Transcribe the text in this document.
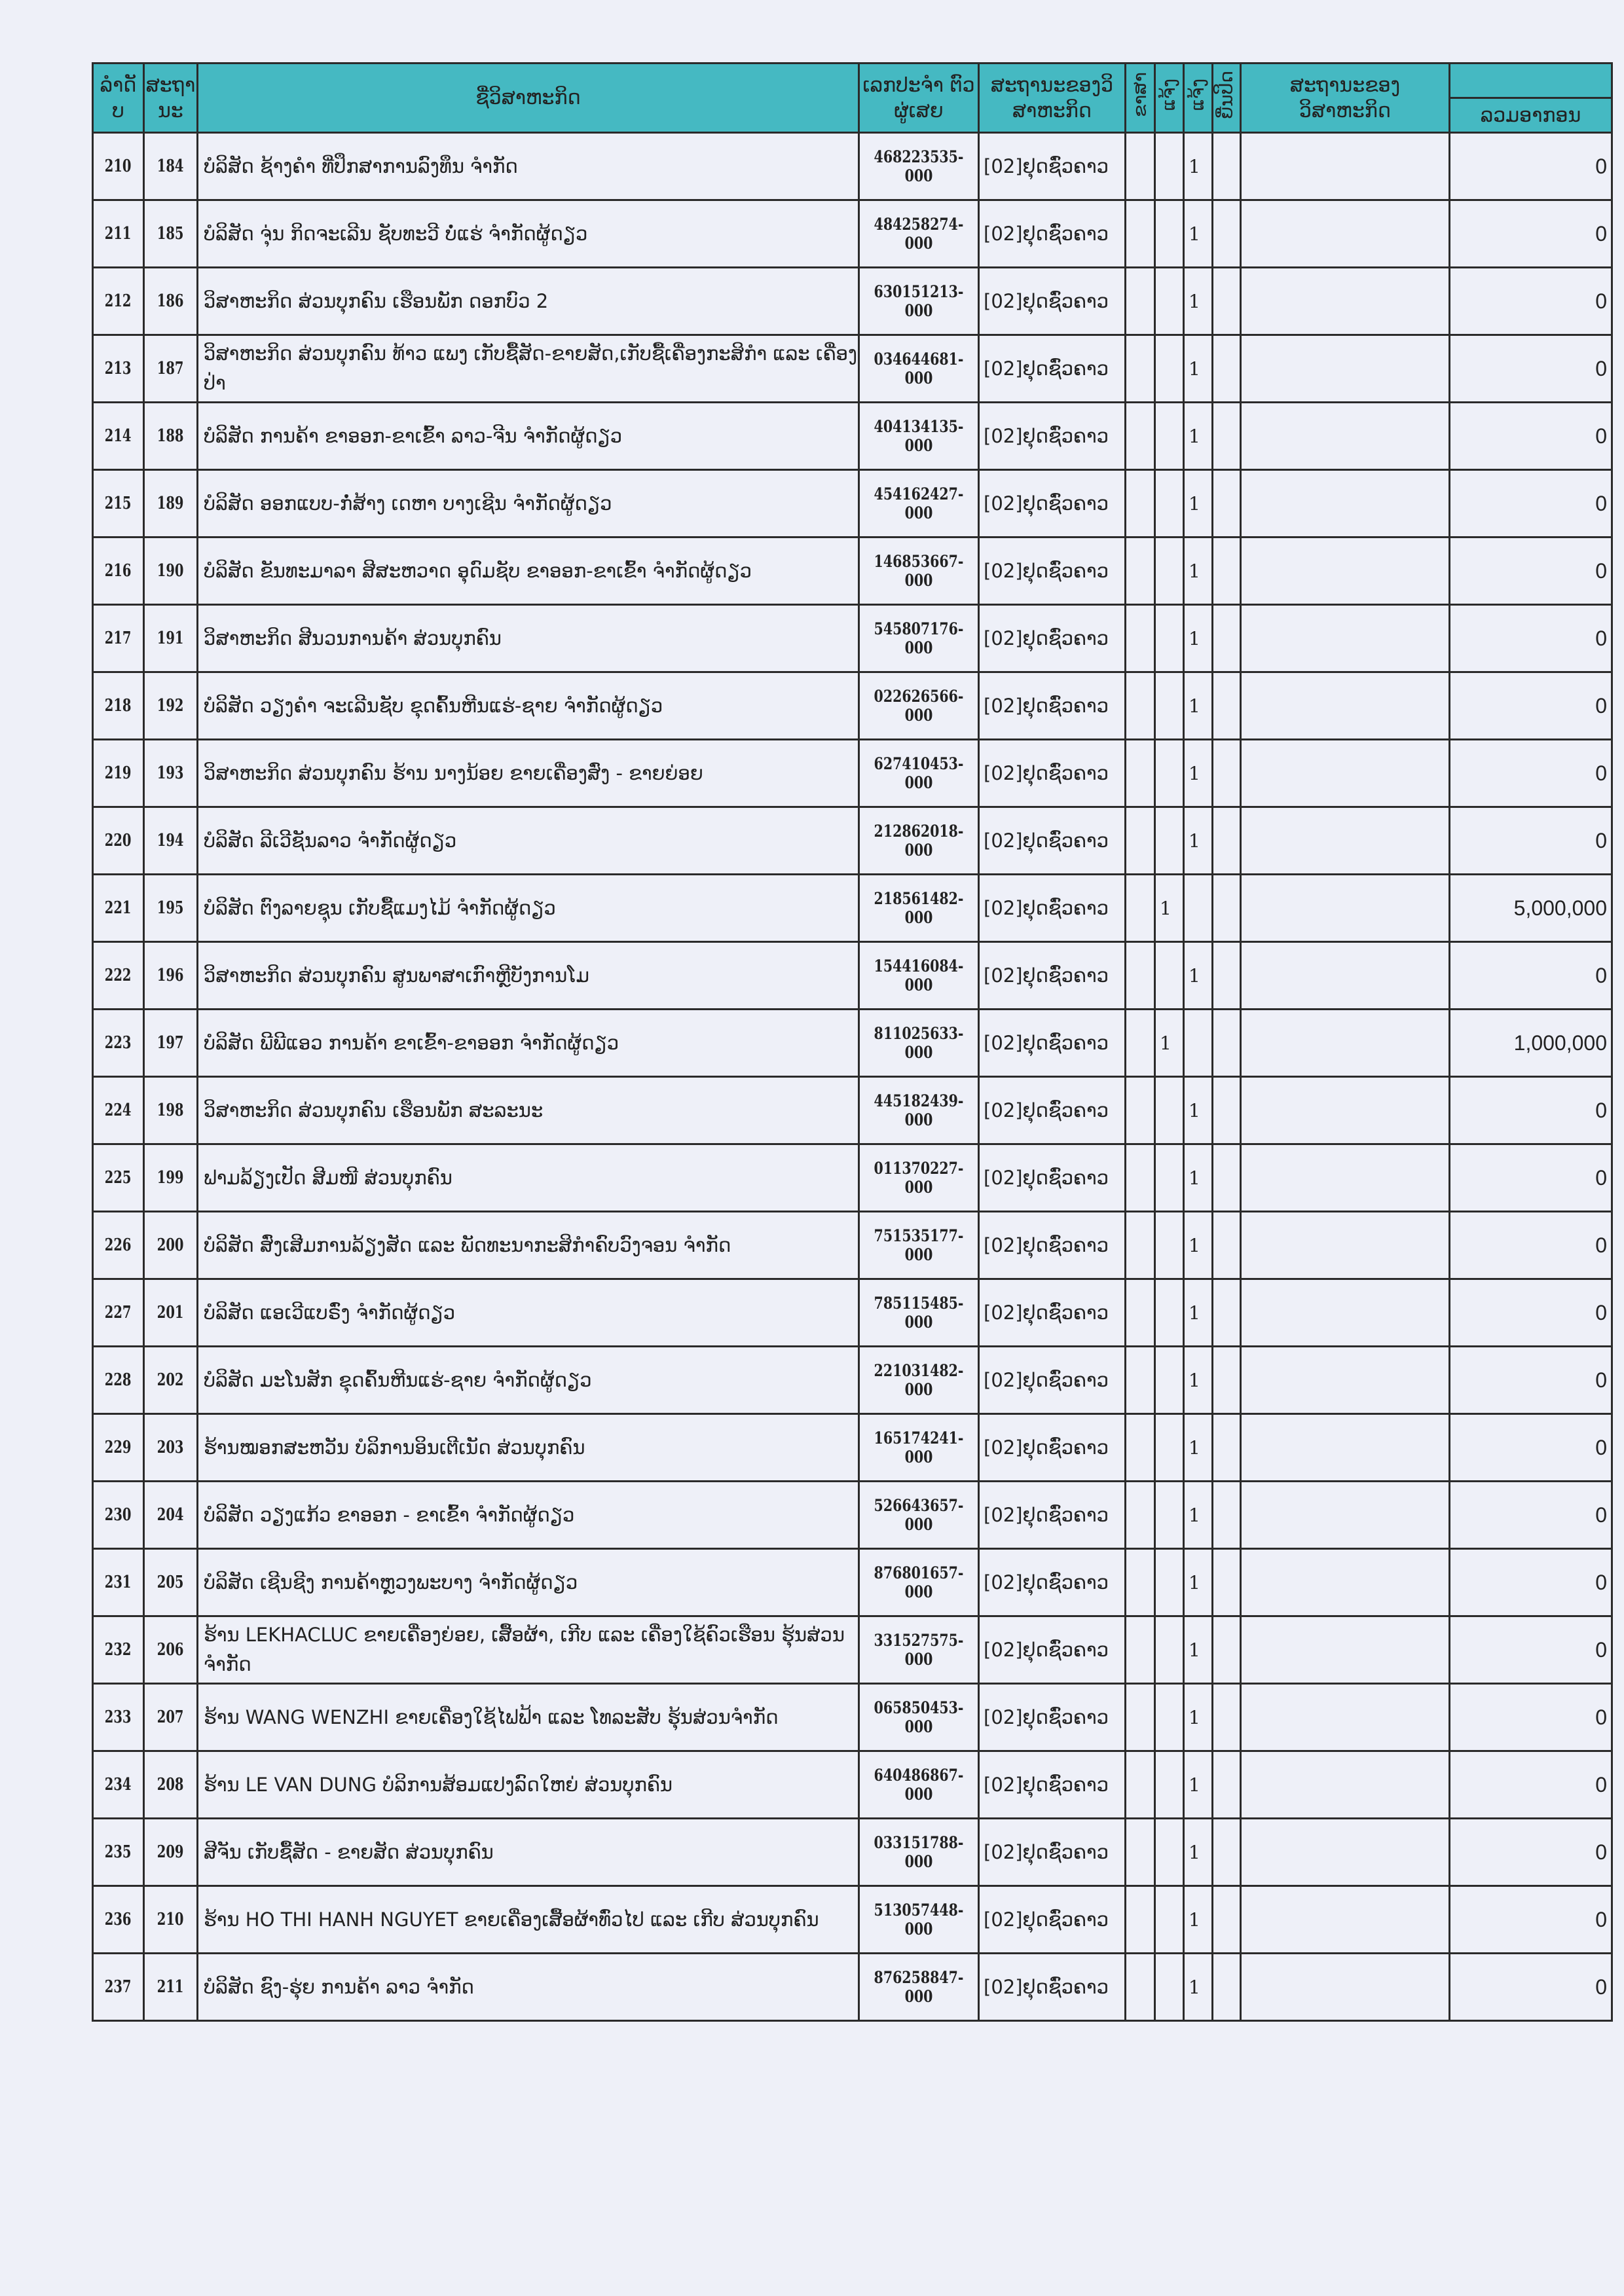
ລຳດັ ບ	ສະຖາ ນະ	ຊື່ວິສາຫະກິດ	ເລກປະຈຳ ຕົວຜູ່ເສຍ	ສະຖານະຂອງວິ ສາຫະກິດ	ຂາສາ	ແຈ້ງ	ແຈ້ງ	ຍື່ນປິດ	ສະຖານະຂອງ ວິສາຫະກິດ	
										ລວມອາກອນ
210	184	ບໍລິສັດ ຊ້າງຄຳ ທີ່ປຶກສາການລົງທຶນ ຈຳກັດ	468223535-000	[02]ຢຸດຊົ່ວຄາວ			1			0
211	185	ບໍລິສັດ ຈຸ່ນ ກິດຈະເລີນ ຊັບທະວີ ບໍ່ແຮ່ ຈຳກັດຜູ້ດຽວ	484258274-000	[02]ຢຸດຊົ່ວຄາວ			1			0
212	186	ວິສາຫະກິດ ສ່ວນບຸກຄົນ ເຮືອນພັກ ດອກບົວ 2	630151213-000	[02]ຢຸດຊົ່ວຄາວ			1			0
213	187	ວິສາຫະກິດ ສ່ວນບຸກຄົນ ທ້າວ ແພງ ເກັບຊື້ສັດ-ຂາຍສັດ,ເກັບຊື້ເຄື່ອງກະສິກຳ ແລະ ເຄື່ອງປ່າ	034644681-000	[02]ຢຸດຊົ່ວຄາວ			1			0
214	188	ບໍລິສັດ ການຄ້າ ຂາອອກ-ຂາເຂົ້າ ລາວ-ຈີນ ຈຳກັດຜູ້ດຽວ	404134135-000	[02]ຢຸດຊົ່ວຄາວ			1			0
215	189	ບໍລິສັດ ອອກແບບ-ກໍ່ສ້າງ ເດຫາ ບາງເຊີນ ຈຳກັດຜູ້ດຽວ	454162427-000	[02]ຢຸດຊົ່ວຄາວ			1			0
216	190	ບໍລິສັດ ຂັນທະມາລາ ສີສະຫວາດ ອຸດົມຊັບ ຂາອອກ-ຂາເຂົ້າ ຈຳກັດຜູ້ດຽວ	146853667-000	[02]ຢຸດຊົ່ວຄາວ			1			0
217	191	ວິສາຫະກິດ ສີນວນການຄ້າ ສ່ວນບຸກຄົນ	545807176-000	[02]ຢຸດຊົ່ວຄາວ			1			0
218	192	ບໍລິສັດ ວຽງຄຳ ຈະເລີນຊັບ ຂຸດຄົ້ນຫີນແຮ່-ຊາຍ ຈຳກັດຜູ້ດຽວ	022626566-000	[02]ຢຸດຊົ່ວຄາວ			1			0
219	193	ວິສາຫະກິດ ສ່ວນບຸກຄົນ ຮ້ານ ນາງນ້ອຍ ຂາຍເຄື່ອງສົ່ງ - ຂາຍຍ່ອຍ	627410453-000	[02]ຢຸດຊົ່ວຄາວ			1			0
220	194	ບໍລິສັດ ລີເວີຊັນລາວ ຈຳກັດຜູ້ດຽວ	212862018-000	[02]ຢຸດຊົ່ວຄາວ			1			0
221	195	ບໍລິສັດ ຕົງລາຍຊຸນ ເກັບຊື້ແມງໄມ້ ຈຳກັດຜູ້ດຽວ	218561482-000	[02]ຢຸດຊົ່ວຄາວ		1				5,000,000
222	196	ວິສາຫະກິດ ສ່ວນບຸກຄົນ ສູນພາສາເກົາຫຼີບັງການໂມ	154416084-000	[02]ຢຸດຊົ່ວຄາວ			1			0
223	197	ບໍລິສັດ ພີພີແອວ ການຄ້າ ຂາເຂົ້າ-ຂາອອກ ຈຳກັດຜູ້ດຽວ	811025633-000	[02]ຢຸດຊົ່ວຄາວ		1				1,000,000
224	198	ວິສາຫະກິດ ສ່ວນບຸກຄົນ ເຮືອນພັກ ສະລະນະ	445182439-000	[02]ຢຸດຊົ່ວຄາວ			1			0
225	199	ຟາມລ້ຽງເປັດ ສີມໜີ ສ່ວນບຸກຄົນ	011370227-000	[02]ຢຸດຊົ່ວຄາວ			1			0
226	200	ບໍລິສັດ ສົ່ງເສີມການລ້ຽງສັດ ແລະ ພັດທະນາກະສິກຳຄົບວົງຈອນ ຈຳກັດ	751535177-000	[02]ຢຸດຊົ່ວຄາວ			1			0
227	201	ບໍລິສັດ ແອເວີແບຣົ່ງ ຈຳກັດຜູ້ດຽວ	785115485-000	[02]ຢຸດຊົ່ວຄາວ			1			0
228	202	ບໍລິສັດ ມະໂນສັກ ຂຸດຄົ້ນຫີນແຮ່-ຊາຍ ຈຳກັດຜູ້ດຽວ	221031482-000	[02]ຢຸດຊົ່ວຄາວ			1			0
229	203	ຮ້ານໝອກສະຫວັນ ບໍລິການອິນເຕີເນັດ ສ່ວນບຸກຄົນ	165174241-000	[02]ຢຸດຊົ່ວຄາວ			1			0
230	204	ບໍລິສັດ ວຽງແກ້ວ ຂາອອກ - ຂາເຂົ້າ ຈຳກັດຜູ້ດຽວ	526643657-000	[02]ຢຸດຊົ່ວຄາວ			1			0
231	205	ບໍລິສັດ ເຊີນຊີງ ການຄ້າຫຼວງພະບາງ ຈຳກັດຜູ້ດຽວ	876801657-000	[02]ຢຸດຊົ່ວຄາວ			1			0
232	206	ຮ້ານ LEKHACLUC ຂາຍເຄື່ອງຍ່ອຍ, ເສື້ອຜ້າ, ເກີບ ແລະ ເຄື່ອງໃຊ້ຄົວເຮືອນ ຮຸ້ນສ່ວນຈຳກັດ	331527575-000	[02]ຢຸດຊົ່ວຄາວ			1			0
233	207	ຮ້ານ WANG WENZHI ຂາຍເຄື່ອງໃຊ້ໄຟຟ້າ ແລະ ໂທລະສັບ ຮຸ້ນສ່ວນຈຳກັດ	065850453-000	[02]ຢຸດຊົ່ວຄາວ			1			0
234	208	ຮ້ານ LE VAN DUNG ບໍລິການສ້ອມແປງລົດໃຫຍ່ ສ່ວນບຸກຄົນ	640486867-000	[02]ຢຸດຊົ່ວຄາວ			1			0
235	209	ສີຈັນ ເກັບຊື້ສັດ - ຂາຍສັດ ສ່ວນບຸກຄົນ	033151788-000	[02]ຢຸດຊົ່ວຄາວ			1			0
236	210	ຮ້ານ HO THI HANH NGUYET ຂາຍເຄື່ອງເສື້ອຜ້າທົ່ວໄປ ແລະ ເກີບ ສ່ວນບຸກຄົນ	513057448-000	[02]ຢຸດຊົ່ວຄາວ			1			0
237	211	ບໍລິສັດ ຊົງ-ຮຸ່ຍ ການຄ້າ ລາວ ຈຳກັດ	876258847-000	[02]ຢຸດຊົ່ວຄາວ			1			0
